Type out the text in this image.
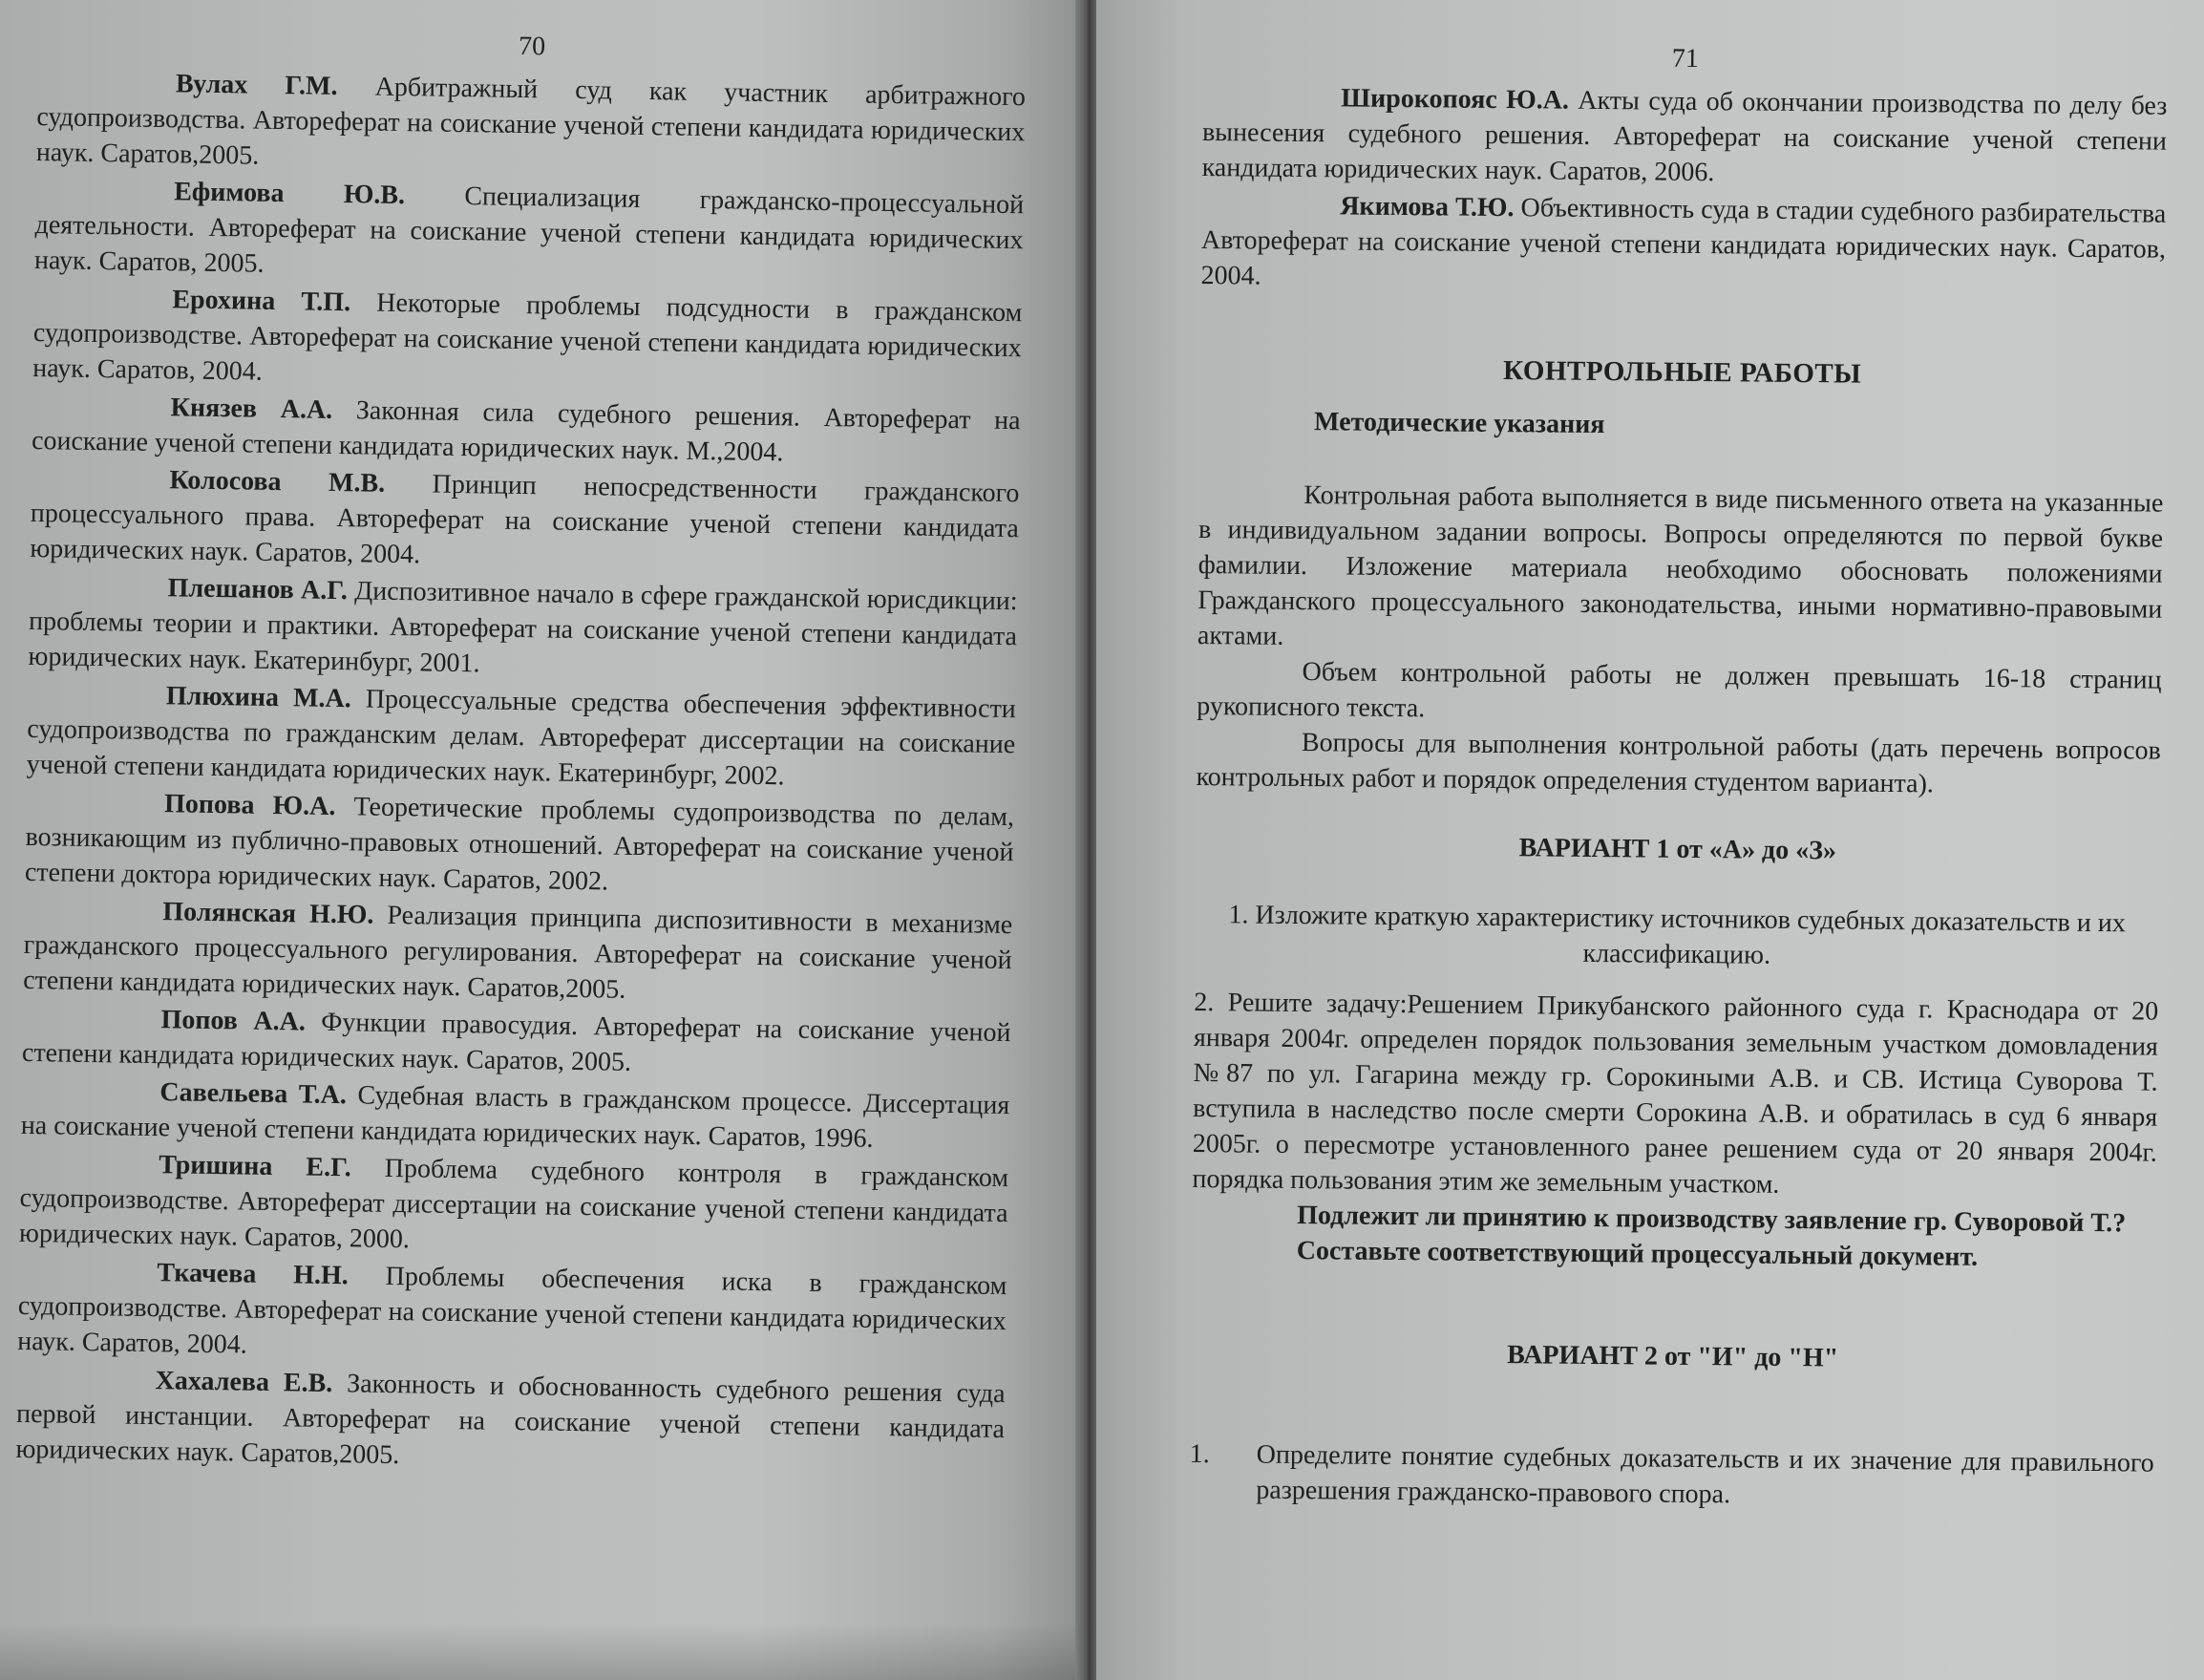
70

Вулах Г.М. Арбитражный суд как участник арбитражного судопроизводства. Автореферат на соискание ученой степени кандидата юридических наук. Саратов,2005.

Ефимова Ю.В. Специализация гражданско-процессуальной деятельности. Автореферат на соискание ученой степени кандидата юридических наук. Саратов, 2005.

Ерохина Т.П. Некоторые проблемы подсудности в гражданском судопроизводстве. Автореферат на соискание ученой степени кандидата юридических наук. Саратов, 2004.

Князев А.А. Законная сила судебного решения. Автореферат на соискание ученой степени кандидата юридических наук. М.,2004.

Колосова М.В. Принцип непосредственности гражданского процессуального права. Автореферат на соискание ученой степени кандидата юридических наук. Саратов, 2004.

Плешанов А.Г. Диспозитивное начало в сфере гражданской юрисдикции: проблемы теории и практики. Автореферат на соискание ученой степени кандидата юридических наук. Екатеринбург, 2001.

Плюхина М.А. Процессуальные средства обеспечения эффективности судопроизводства по гражданским делам. Автореферат диссертации на соискание ученой степени кандидата юридических наук. Екатеринбург, 2002.

Попова Ю.А. Теоретические проблемы судопроизводства по делам, возникающим из публично-правовых отношений. Автореферат на соискание ученой степени доктора юридических наук. Саратов, 2002.

Полянская Н.Ю. Реализация принципа диспозитивности в механизме гражданского процессуального регулирования. Автореферат на соискание ученой степени кандидата юридических наук. Саратов,2005.

Попов А.А. Функции правосудия. Автореферат на соискание ученой степени кандидата юридических наук. Саратов, 2005.

Савельева Т.А. Судебная власть в гражданском процессе. Диссертация на соискание ученой степени кандидата юридических наук. Саратов, 1996.

Тришина Е.Г. Проблема судебного контроля в гражданском судопроизводстве. Автореферат диссертации на соискание ученой степени кандидата юридических наук. Саратов, 2000.

Ткачева Н.Н. Проблемы обеспечения иска в гражданском судопроизводстве. Автореферат на соискание ученой степени кандидата юридических наук. Саратов, 2004.

Хахалева Е.В. Законность и обоснованность судебного решения суда первой инстанции. Автореферат на соискание ученой степени кандидата юридических наук. Саратов,2005.

71

Широкопояс Ю.А. Акты суда об окончании производства по делу без вынесения судебного решения. Автореферат на соискание ученой степени кандидата юридических наук. Саратов, 2006.

Якимова Т.Ю. Объективность суда в стадии судебного разбирательства Автореферат на соискание ученой степени кандидата юридических наук. Саратов, 2004.

КОНТРОЛЬНЫЕ РАБОТЫ
Методические указания

Контрольная работа выполняется в виде письменного ответа на указанные в индивидуальном задании вопросы. Вопросы определяются по первой букве фамилии. Изложение материала необходимо обосновать положениями Гражданского процессуального законодательства, иными нормативно-правовыми актами.

Объем контрольной работы не должен превышать 16-18 страниц рукописного текста.

Вопросы для выполнения контрольной работы (дать перечень вопросов контрольных работ и порядок определения студентом варианта).

ВАРИАНТ 1 от «А» до «З»

1. Изложите краткую характеристику источников судебных доказательств и их классификацию.

2. Решите задачу:Решением Прикубанского районного суда г. Краснодара от 20 января 2004г. определен порядок пользования земельным участком домовладения №87 по ул. Гагарина между гр. Сорокиными А.В. и СВ. Истица Суворова Т. вступила в наследство после смерти Сорокина А.В. и обратилась в суд 6 января 2005г. о пересмотре установленного ранее решением суда от 20 января 2004г. порядка пользования этим же земельным участком.

Подлежит ли принятию к производству заявление гр. Суворовой Т.?

Составьте соответствующий процессуальный документ.

ВАРИАНТ 2 от "И" до "Н"
1.	Определите понятие судебных доказательств и их значение для правильного разрешения гражданско-правового спора.
